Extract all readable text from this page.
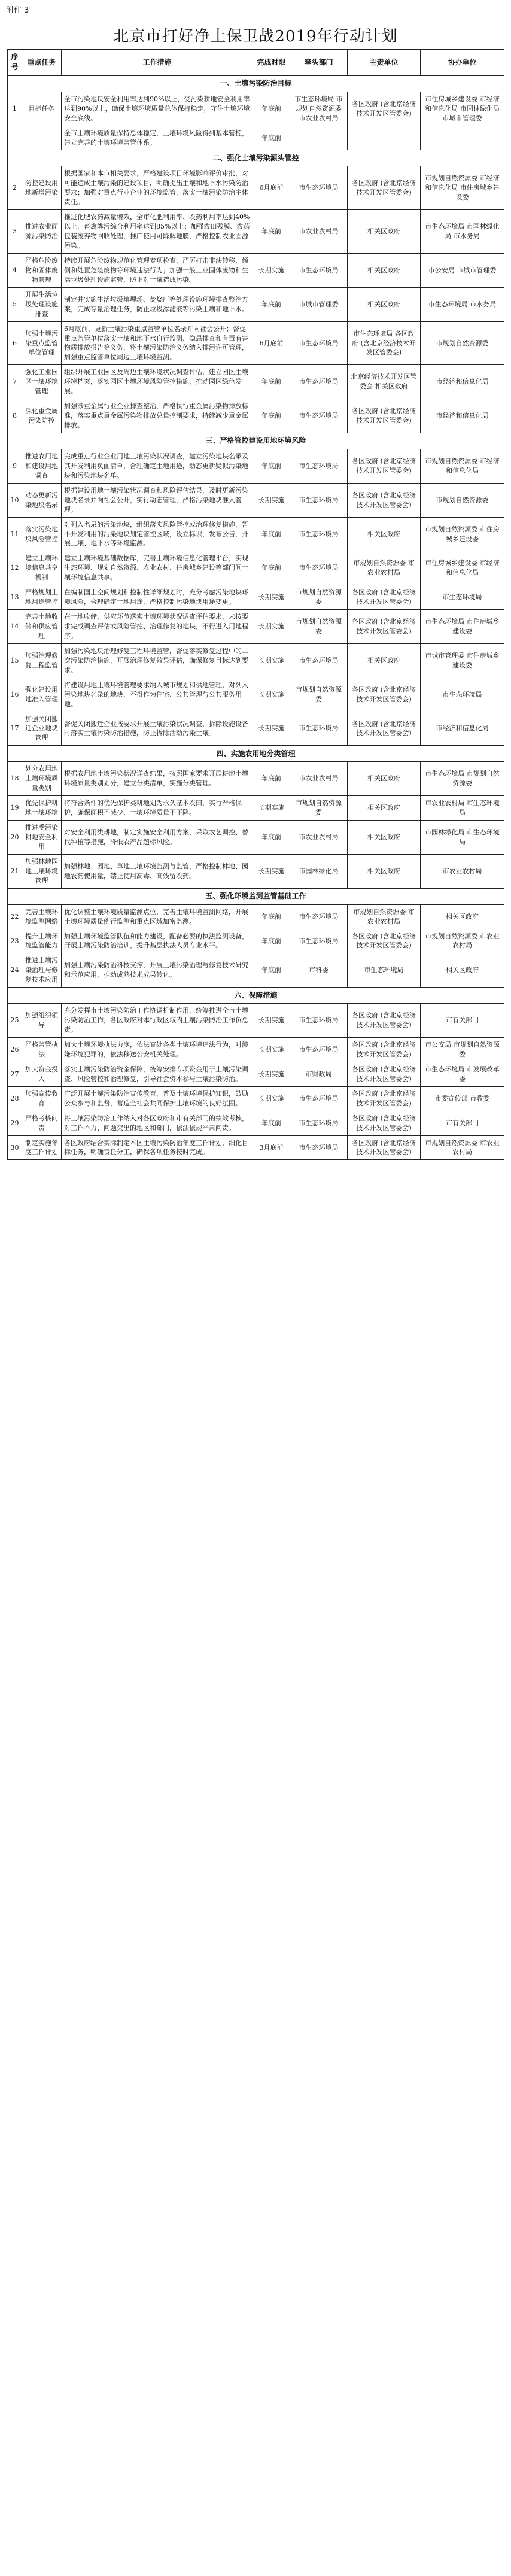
附件 3
北京市打好净土保卫战2019年行动计划
序号	重点任务	工作措施	完成时限	牵头部门	主责单位	协办单位
一、土壤污染防治目标						
1	目标任务	全市污染地块安全利用率达到90%以上，受污染耕地安全利用率达到90%以上，确保土壤环境质量总体保持稳定，守住土壤环境安全底线。	年底前	市生态环境局 市规划自然资源委 市农业农村局	各区政府 (含北京经济技术开发区管委会)	市住房城乡建设委 市经济和信息化局 市园林绿化局 市城市管理委
		全市土壤环境质量保持总体稳定，土壤环境风险得到基本管控，建立完善的土壤环境监管体系。	年底前			
二、强化土壤污染源头管控						
2	防控建设用地新增污染	根据国家和本市相关要求，严格建设项目环境影响评价审批，对可能造成土壤污染的建设项目，明确提出土壤和地下水污染防治要求；加强对重点行业企业的环境监管，落实土壤污染防治主体责任。	6月底前	市生态环境局	各区政府 (含北京经济技术开发区管委会)	市规划自然资源委 市经济和信息化局 市住房城乡建设委
3	推进农业面源污染防治	推进化肥农药减量增效，全市化肥利用率、农药利用率达到40%以上，畜禽粪污综合利用率达到85%以上；加强农田残膜、农药包装废弃物回收处理，推广使用可降解地膜，严格控制农业面源污染。	年底前	市农业农村局	相关区政府	市生态环境局 市园林绿化局 市水务局
4	严格危险废物和固体废物管理	持续开展危险废物规范化管理专项检查，严厉打击非法转移、倾倒和处置危险废物等环境违法行为；加强一般工业固体废物和生活垃圾处理设施监管，防止对土壤造成污染。	长期实施	市生态环境局	相关区政府	市公安局 市城市管理委
5	开展生活垃圾处理设施排查	制定并实施生活垃圾填埋场、焚烧厂等处理设施环境排查整治方案，完成存量治理任务，防止垃圾渗滤液等污染土壤和地下水。	年底前	市城市管理委	相关区政府	市生态环境局 市水务局
6	加强土壤污染重点监管单位管理	6月底前，更新土壤污染重点监管单位名录并向社会公开；督促重点监管单位落实土壤和地下水自行监测、隐患排查和有毒有害物质排放报告等义务，将土壤污染防治义务纳入排污许可管理，加强重点监管单位周边土壤环境监测。	6月底前	市生态环境局	市生态环境局 各区政府 (含北京经济技术开发区管委会)	市规划自然资源委
7	强化工业园区土壤环境管理	组织开展工业园区及周边土壤环境状况调查评估，建立园区土壤环境档案，落实园区土壤环境风险管控措施，推动园区绿色发展。	年底前	市生态环境局	北京经济技术开发区管委会 相关区政府	市经济和信息化局
8	深化重金属污染防控	加强涉重金属行业企业排查整治，严格执行重金属污染物排放标准，落实重点重金属污染物排放总量控制要求，持续减少重金属排放。	年底前	市生态环境局	各区政府 (含北京经济技术开发区管委会)	市经济和信息化局
三、严格管控建设用地环境风险						
9	推进农用地和建设用地调查	完成重点行业企业用地土壤污染状况调查，建立污染地块名录及其开发利用负面清单，合理确定土地用途，动态更新疑似污染地块和污染地块名单。	年底前	市生态环境局	各区政府 (含北京经济技术开发区管委会)	市规划自然资源委 市经济和信息化局
10	动态更新污染地块名录	根据建设用地土壤污染状况调查和风险评估结果，及时更新污染地块名录并向社会公开，实行动态管理，严格污染地块准入管理。	长期实施	市生态环境局	各区政府 (含北京经济技术开发区管委会)	市规划自然资源委
11	落实污染地块风险管控	对列入名录的污染地块，组织落实风险管控或治理修复措施，暂不开发利用的污染地块划定管控区域，设立标识，发布公告，开展土壤、地下水等环境监测。	年底前	市生态环境局	相关区政府	市规划自然资源委 市住房城乡建设委
12	建立土壤环境信息共享机制	建立土壤环境基础数据库，完善土壤环境信息化管理平台，实现生态环境、规划自然资源、农业农村、住房城乡建设等部门间土壤环境信息共享。	年底前	市生态环境局	市规划自然资源委 市农业农村局	市住房城乡建设委 市经济和信息化局
13	严格规划土地用途管控	在编制国土空间规划和控制性详细规划时，充分考虑污染地块环境风险，合理确定土地用途，严格控制污染地块用途变更。	长期实施	市规划自然资源委	各区政府 (含北京经济技术开发区管委会)	市生态环境局
14	完善土地收储和供应管理	在土地收储、供应环节落实土壤环境状况调查评估要求，未按要求完成调查评估或风险管控、治理修复的地块，不得进入用地程序。	长期实施	市规划自然资源委	各区政府 (含北京经济技术开发区管委会)	市生态环境局 市住房城乡建设委
15	加强治理修复工程监管	加强污染地块治理修复工程环境监管，督促落实修复过程中的二次污染防治措施，开展治理修复效果评估，确保修复目标达到要求。	长期实施	市生态环境局	相关区政府	市城市管理委 市住房城乡建设委
16	强化建设用地准入管理	将建设用地土壤环境管理要求纳入城市规划和供地管理，对列入污染地块名录的地块，不得作为住宅、公共管理与公共服务用地。	长期实施	市规划自然资源委	各区政府 (含北京经济技术开发区管委会)	市生态环境局
17	加强关闭搬迁企业地块管理	督促关闭搬迁企业按要求开展土壤污染状况调查，拆除设施设备时落实土壤污染防治措施，防止拆除活动污染土壤。	长期实施	市生态环境局	各区政府 (含北京经济技术开发区管委会)	市经济和信息化局
四、实施农用地分类管理						
18	划分农用地土壤环境质量类别	根据农用地土壤污染状况详查结果，按照国家要求开展耕地土壤环境质量类别划分，建立分类清单，实施分类管理。	年底前	市农业农村局	相关区政府	市生态环境局 市规划自然资源委
19	优先保护耕地土壤环境	将符合条件的优先保护类耕地划为永久基本农田，实行严格保护，确保面积不减少、土壤环境质量不下降。	长期实施	市规划自然资源委	相关区政府	市农业农村局 市生态环境局
20	推进受污染耕地安全利用	对安全利用类耕地，制定实施安全利用方案，采取农艺调控、替代种植等措施，降低农产品超标风险。	年底前	市农业农村局	相关区政府	市园林绿化局 市生态环境局
21	加强林地园地土壤环境管理	加强林地、园地、草地土壤环境监测与监管，严格控制林地、园地农药使用量，禁止使用高毒、高残留农药。	长期实施	市园林绿化局	相关区政府	市农业农村局
五、强化环境监测监管基础工作						
22	完善土壤环境监测网络	优化调整土壤环境质量监测点位，完善土壤环境监测网络，开展土壤环境质量例行监测和重点区域加密监测。	年底前	市生态环境局	市规划自然资源委 市农业农村局	相关区政府
23	提升土壤环境监管能力	加强土壤环境监管队伍和能力建设，配备必要的执法监测设备，开展土壤污染防治培训，提升基层执法人员专业水平。	年底前	市生态环境局	各区政府 (含北京经济技术开发区管委会)	市规划自然资源委 市农业农村局
24	推进土壤污染治理与修复技术应用	加强土壤污染防治科技支撑，开展土壤污染治理与修复技术研究和示范应用，推动成熟技术成果转化。	年底前	市科委	市生态环境局	相关区政府
六、保障措施						
25	加强组织领导	充分发挥市土壤污染防治工作协调机制作用，统筹推进全市土壤污染防治工作，各区政府对本行政区域内土壤污染防治工作负总责。	长期实施	市生态环境局	各区政府 (含北京经济技术开发区管委会)	市有关部门
26	严格监管执法	加大土壤环境执法力度，依法查处各类土壤环境违法行为，对涉嫌环境犯罪的，依法移送公安机关处理。	长期实施	市生态环境局	各区政府 (含北京经济技术开发区管委会)	市公安局 市规划自然资源委
27	加大资金投入	落实土壤污染防治资金保障，统筹安排专项资金用于土壤污染调查、风险管控和治理修复，引导社会资本参与土壤污染防治。	长期实施	市财政局	各区政府 (含北京经济技术开发区管委会)	市生态环境局 市发展改革委
28	加强宣传教育	广泛开展土壤污染防治宣传教育，普及土壤环境保护知识，鼓励公众参与和监督，营造全社会共同保护土壤环境的良好氛围。	长期实施	市生态环境局	各区政府 (含北京经济技术开发区管委会)	市委宣传部 市教委
29	严格考核问责	将土壤污染防治工作纳入对各区政府和市有关部门的绩效考核，对工作不力、问题突出的地区和部门，依法依规严肃问责。	年底前	市生态环境局	各区政府 (含北京经济技术开发区管委会)	市有关部门
30	制定实施年度工作计划	各区政府结合实际制定本区土壤污染防治年度工作计划，细化目标任务，明确责任分工，确保各项任务按时完成。	3月底前	市生态环境局	各区政府 (含北京经济技术开发区管委会)	市规划自然资源委 市农业农村局
